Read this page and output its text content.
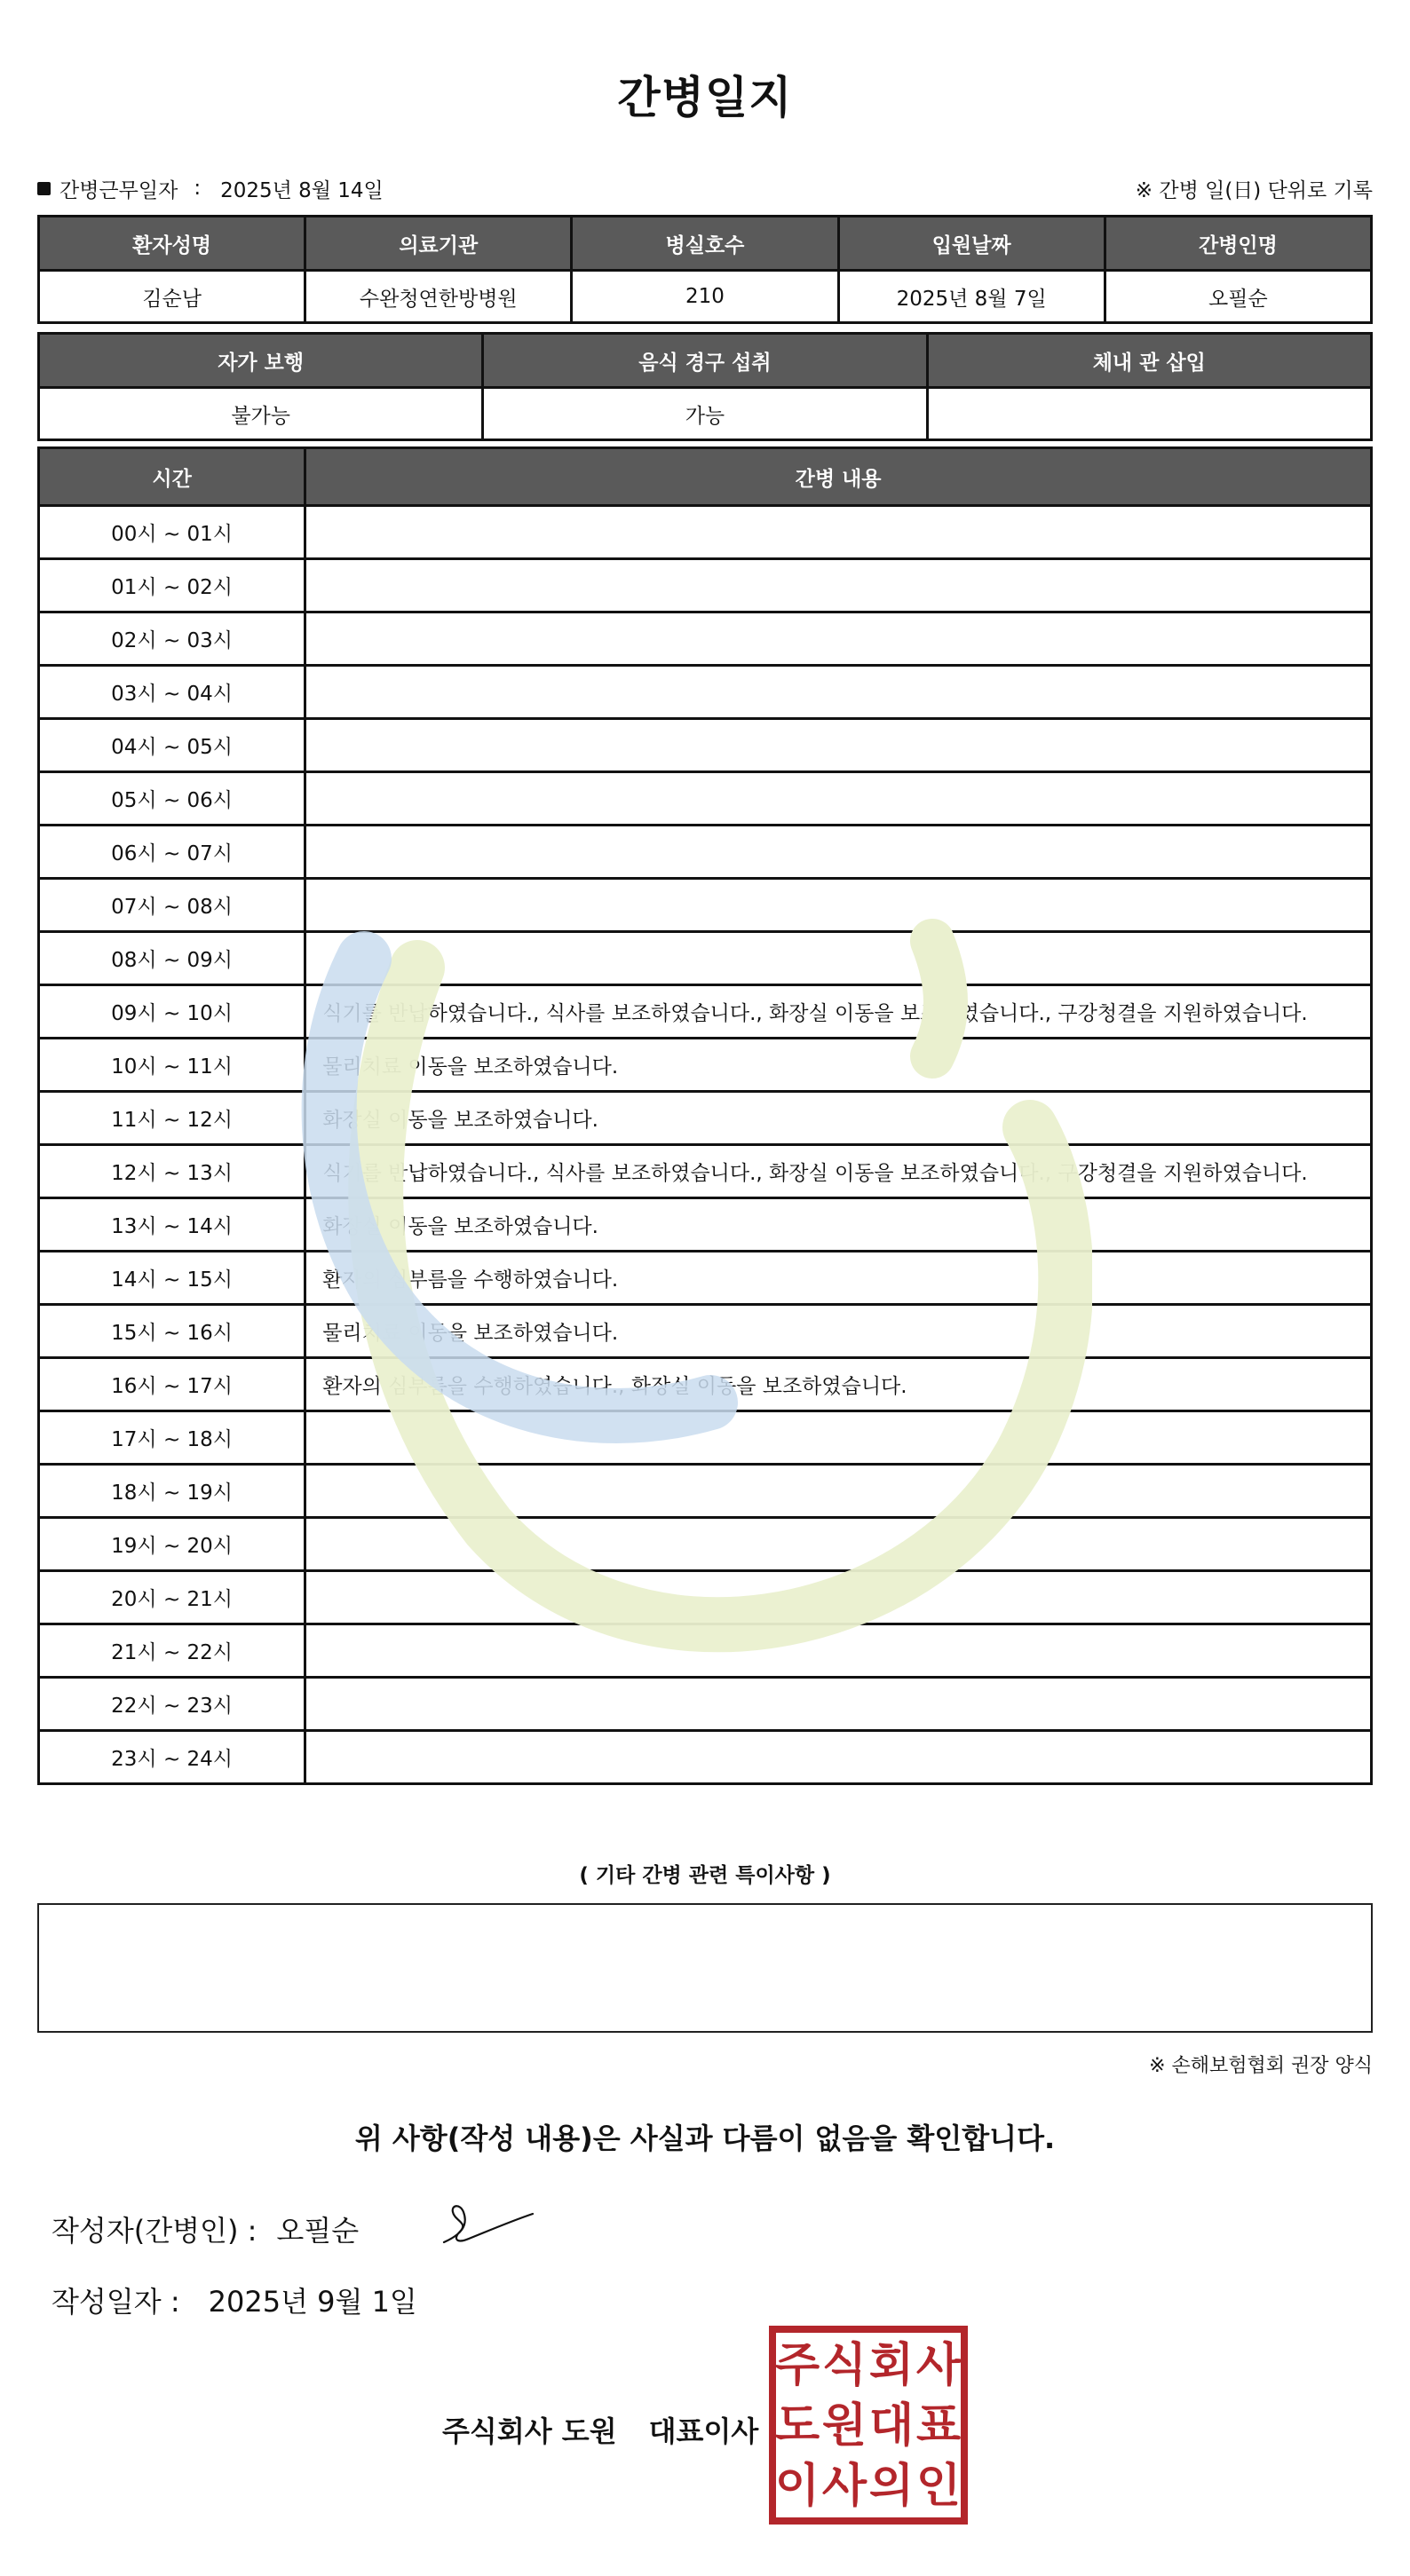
간병일지
간병근무일자 : 2025년 8월 14일	※ 간병 일(日) 단위로 기록
환자성명	의료기관	병실호수	입원날짜	간병인명
김순남	수완청연한방병원	210	2025년 8월 7일	오필순
자가 보행	음식 경구 섭취	체내 관 삽입
불가능	가능	
시간	간병 내용
00시 ~ 01시	
01시 ~ 02시	
02시 ~ 03시	
03시 ~ 04시	
04시 ~ 05시	
05시 ~ 06시	
06시 ~ 07시	
07시 ~ 08시	
08시 ~ 09시	
09시 ~ 10시	식기를 반납하였습니다., 식사를 보조하였습니다., 화장실 이동을 보조하였습니다., 구강청결을 지원하였습니다.
10시 ~ 11시	물리치료 이동을 보조하였습니다.
11시 ~ 12시	화장실 이동을 보조하였습니다.
12시 ~ 13시	식기를 반납하였습니다., 식사를 보조하였습니다., 화장실 이동을 보조하였습니다., 구강청결을 지원하였습니다.
13시 ~ 14시	화장실 이동을 보조하였습니다.
14시 ~ 15시	환자의 심부름을 수행하였습니다.
15시 ~ 16시	물리치료 이동을 보조하였습니다.
16시 ~ 17시	환자의 심부름을 수행하였습니다., 화장실 이동을 보조하였습니다.
17시 ~ 18시	
18시 ~ 19시	
19시 ~ 20시	
20시 ~ 21시	
21시 ~ 22시	
22시 ~ 23시	
23시 ~ 24시	
( 기타 간병 관련 특이사항 )
※ 손해보험협회 권장 양식
위 사항(작성 내용)은 사실과 다름이 없음을 확인합니다.
작성자(간병인) : 오필순
작성일자 : 2025년 9월 1일
주식회사 도원 대표이사
주 식 회 사
도 원 대 표
이 사 의 인
